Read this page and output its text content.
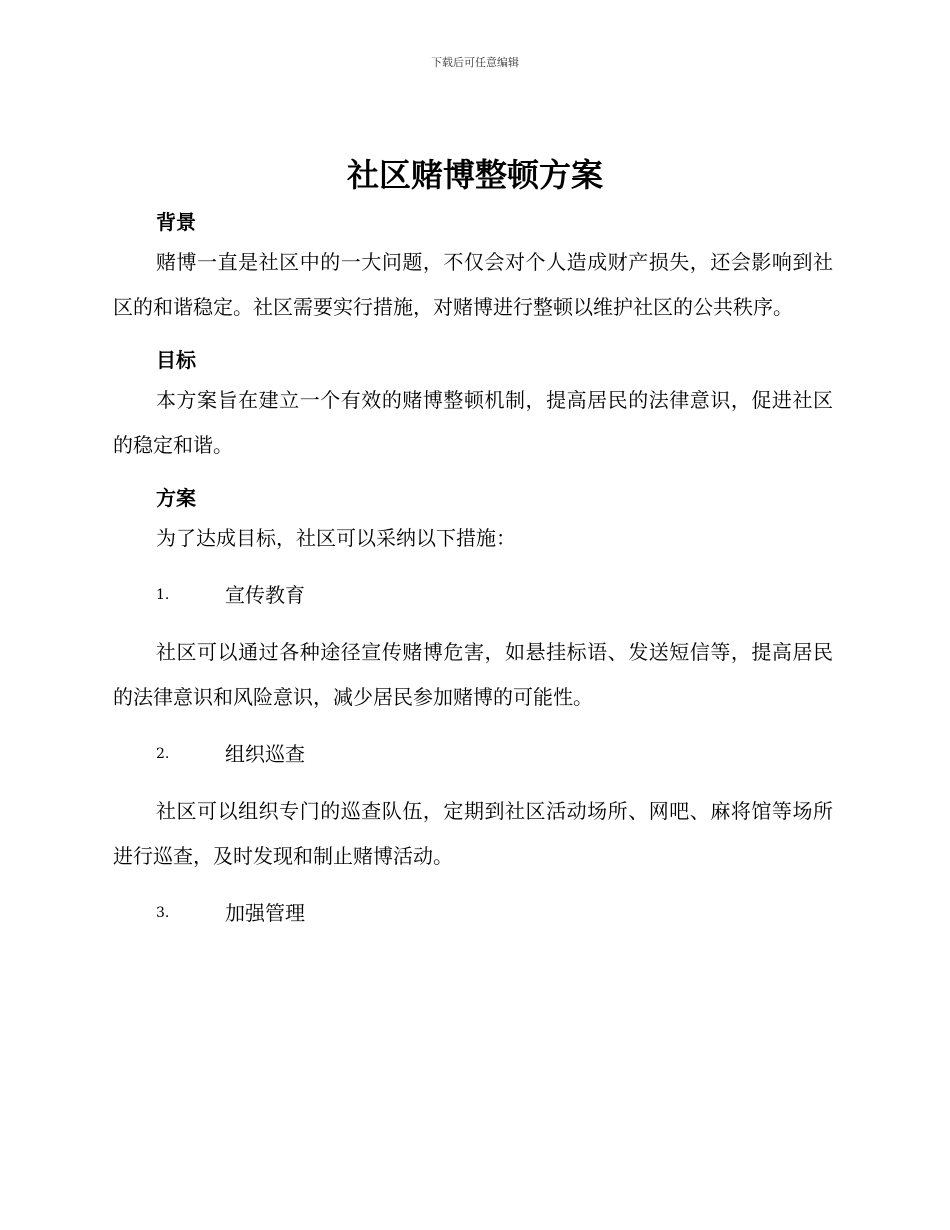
下载后可任意编辑
社区赌博整顿方案
背景

赌博一直是社区中的一大问题，不仅会对个人造成财产损失，还会影响到社区的和谐稳定。社区需要实行措施，对赌博进行整顿以维护社区的公共秩序。

目标

本方案旨在建立一个有效的赌博整顿机制，提高居民的法律意识，促进社区的稳定和谐。

方案

为了达成目标，社区可以采纳以下措施：

1.	宣传教育

社区可以通过各种途径宣传赌博危害，如悬挂标语、发送短信等，提高居民的法律意识和风险意识，减少居民参加赌博的可能性。

2.	组织巡查

社区可以组织专门的巡查队伍，定期到社区活动场所、网吧、麻将馆等场所进行巡查，及时发现和制止赌博活动。

3.	加强管理
